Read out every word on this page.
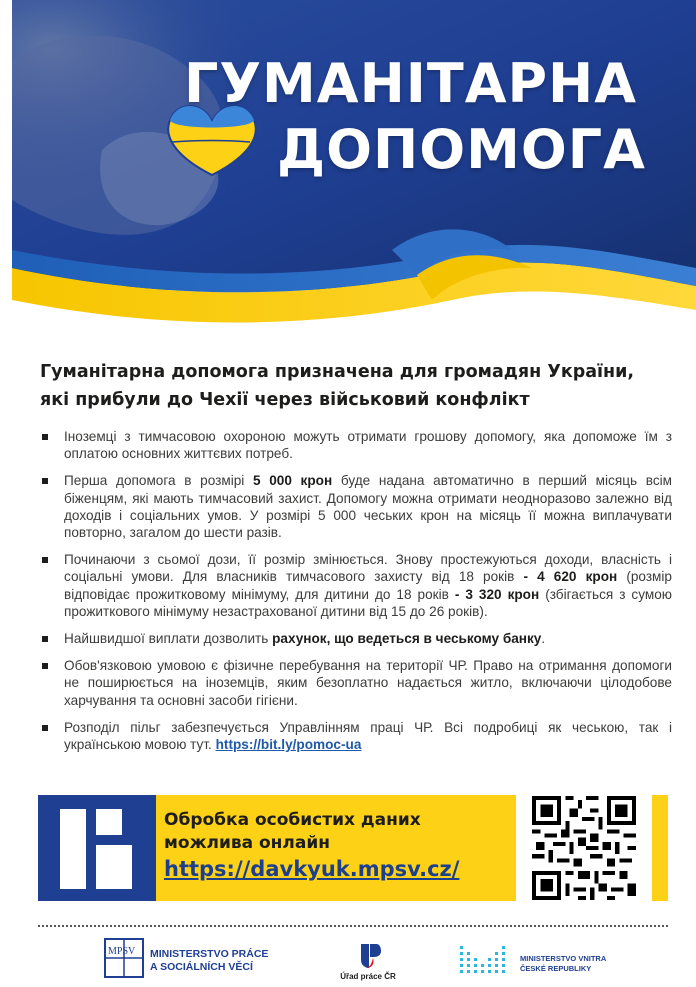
ГУМАНІТАРНА
ДОПОМОГА
Гуманітарна допомога призначена для громадян України,
які прибули до Чехії через військовий конфлікт
Іноземці з тимчасовою охороною можуть отримати грошову допомогу, яка допоможе їм з оплатою основних життєвих потреб.
Перша допомога в розмірі 5 000 крон буде надана автоматично в перший місяць всім біженцям, які мають тимчасовий захист. Допомогу можна отримати неодноразово залежно від доходів і соціальних умов. У розмірі 5 000 чеських крон на місяць її можна виплачувати повторно, загалом до шести разів.
Починаючи з сьомої дози, її розмір змінюється. Знову простежуються доходи, власність і соціальні умови. Для власників тимчасового захисту від 18 років - 4 620 крон (розмір відповідає прожитковому мінімуму, для дитини до 18 років - 3 320 крон (збігається з сумою прожиткового мінімуму незастрахованої дитини від 15 до 26 років).
Найшвидшої виплати дозволить рахунок, що ведеться в чеському банку.
Обов'язковою умовою є фізичне перебування на території ЧР. Право на отримання допомоги не поширюється на іноземців, яким безоплатно надається житло, включаючи цілодобове харчування та основні засоби гігієни.
Розподіл пільг забезпечується Управлінням праці ЧР. Всі подробиці як чеською, так і українською мовою тут. https://bit.ly/pomoc-ua
Обробка особистих даних
можлива онлайн
https://davkyuk.mpsv.cz/
MPSV MINISTERSTVO PRÁCE
A SOCIÁLNÍCH VĚCÍ
Úřad práce ČR
MINISTERSTVO VNITRA
ČESKÉ REPUBLIKY
